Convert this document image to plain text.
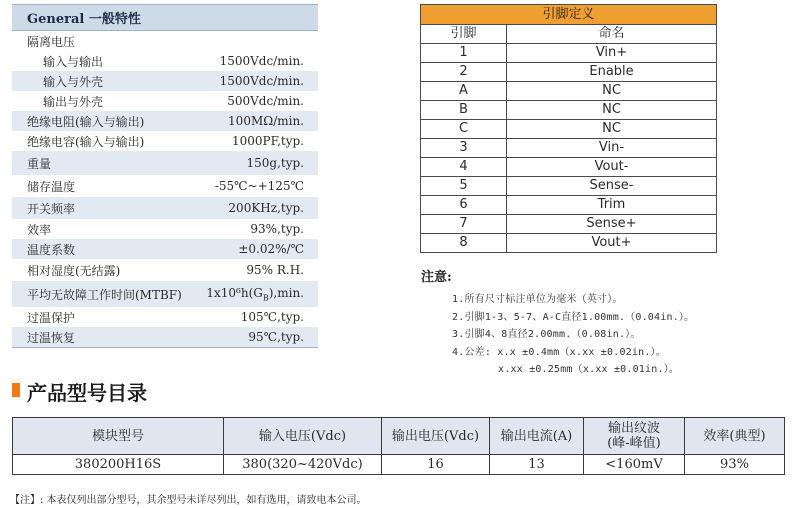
General 一般特性
隔离电压
输入与输出	1500Vdc/min.
输入与外壳	1500Vdc/min.
输出与外壳	500Vdc/min.
绝缘电阻(输入与输出)	100MΩ/min.
绝缘电容(输入与输出)	1000PF,typ.
重量	150g,typ.
储存温度	-55℃~+125℃
开关频率	200KHz,typ.
效率	93%,typ.
温度系数	±0.02%/℃
相对湿度(无结露)	95% R.H.
平均无故障工作时间(MTBF) $1x10^6h(G_B),\min$.
过温保护	105℃,typ.
过温恢复	95℃,typ.
引脚定义	
引脚	命名
1	Vin+
2	Enable
A	NC
B	NC
C	NC
3	Vin-
4	Vout-
5	Sense-
6	Trim
7	Sense+
8	Vout+
注意:
1.所有尺寸标注单位为毫米（英寸）。
2.引脚1-3、5-7、A-C直径1.00mm.（0.04in.）。
3.引脚4、8直径2.00mm.（0.08in.）。
4.公差: x.x ±0.4mm（x.xx ±0.02in.）。
x.xx ±0.25mm（x.xx ±0.01in.）。
产品型号目录
模块型号	输入电压(Vdc)	输出电压(Vdc)	输出电流(A)	输出纹波
(峰-峰值)	效率(典型)
380200H16S	380(320~420Vdc)	16	13	<160mV	93%
【注】: 本表仅列出部分型号，其余型号未详尽列出，如有选用，请致电本公司。
